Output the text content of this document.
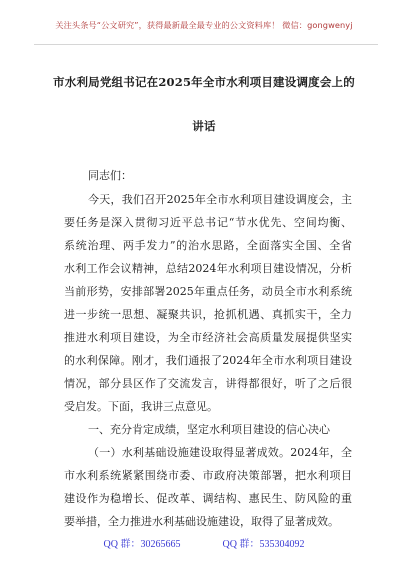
关注头条号“公文研究”，获得最新最全最专业的公文资料库！ 微信：gongwenyj
市水利局党组书记在2025年全市水利项目建设调度会上的
讲话
同志们：
今天，我们召开2025年全市水利项目建设调度会，主
要任务是深入贯彻习近平总书记“节水优先、空间均衡、
系统治理、两手发力”的治水思路，全面落实全国、全省
水利工作会议精神，总结2024年水利项目建设情况，分析
当前形势，安排部署2025年重点任务，动员全市水利系统
进一步统一思想、凝聚共识，抢抓机遇、真抓实干，全力
推进水利项目建设，为全市经济社会高质量发展提供坚实
的水利保障。刚才，我们通报了2024年全市水利项目建设
情况，部分县区作了交流发言，讲得都很好，听了之后很
受启发。下面，我讲三点意见。
一、充分肯定成绩，坚定水利项目建设的信心决心
（一）水利基础设施建设取得显著成效。2024年，全
市水利系统紧紧围绕市委、市政府决策部署，把水利项目
建设作为稳增长、促改革、调结构、惠民生、防风险的重
要举措，全力推进水利基础设施建设，取得了显著成效。
QQ 群：30265665	QQ 群：535304092
